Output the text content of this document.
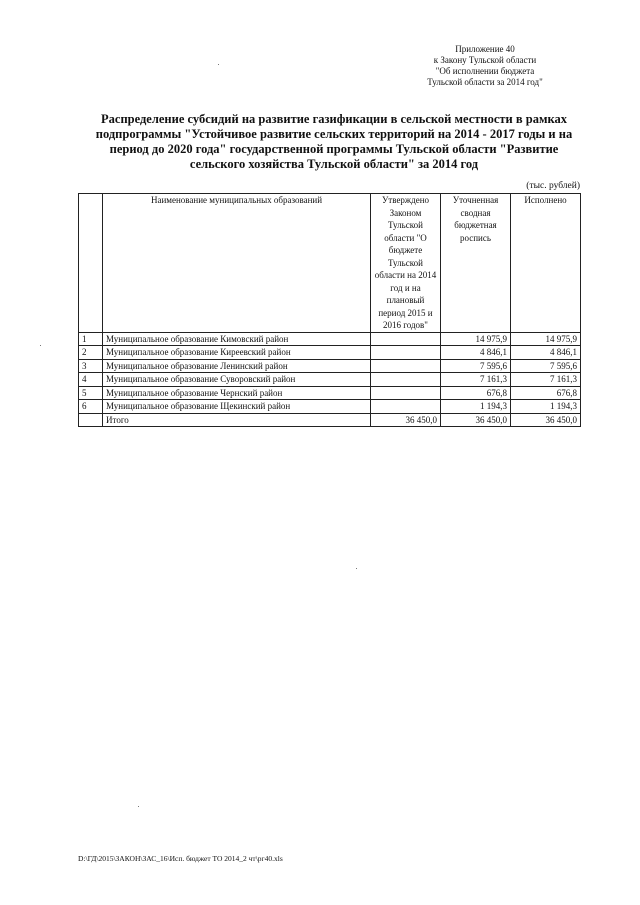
Приложение 40
к Закону Тульской области
"Об исполнении бюджета
Тульской области за 2014 год"
Распределение субсидий на развитие газификации в сельской местности в рамках
подпрограммы "Устойчивое развитие сельских территорий на 2014 - 2017 годы и на
период до 2020 года" государственной программы Тульской области "Развитие
сельского хозяйства Тульской области" за 2014 год
(тыс. рублей)
	Наименование муниципальных образований	Утверждено Законом Тульской области "О бюджете Тульской области на 2014 год и на плановый период 2015 и 2016 годов"	Уточненная сводная бюджетная роспись	Исполнено
1	Муниципальное образование Кимовский район		14 975,9	14 975,9
2	Муниципальное образование Киреевский район		4 846,1	4 846,1
3	Муниципальное образование Ленинский район		7 595,6	7 595,6
4	Муниципальное образование Суворовский район		7 161,3	7 161,3
5	Муниципальное образование Чернский район		676,8	676,8
6	Муниципальное образование Щекинский район		1 194,3	1 194,3
	Итого	36 450,0	36 450,0	36 450,0
D:\ГД\2015\ЗАКОН\ЗАС_16\Исп. бюджет ТО 2014_2 чт\рг40.xls
